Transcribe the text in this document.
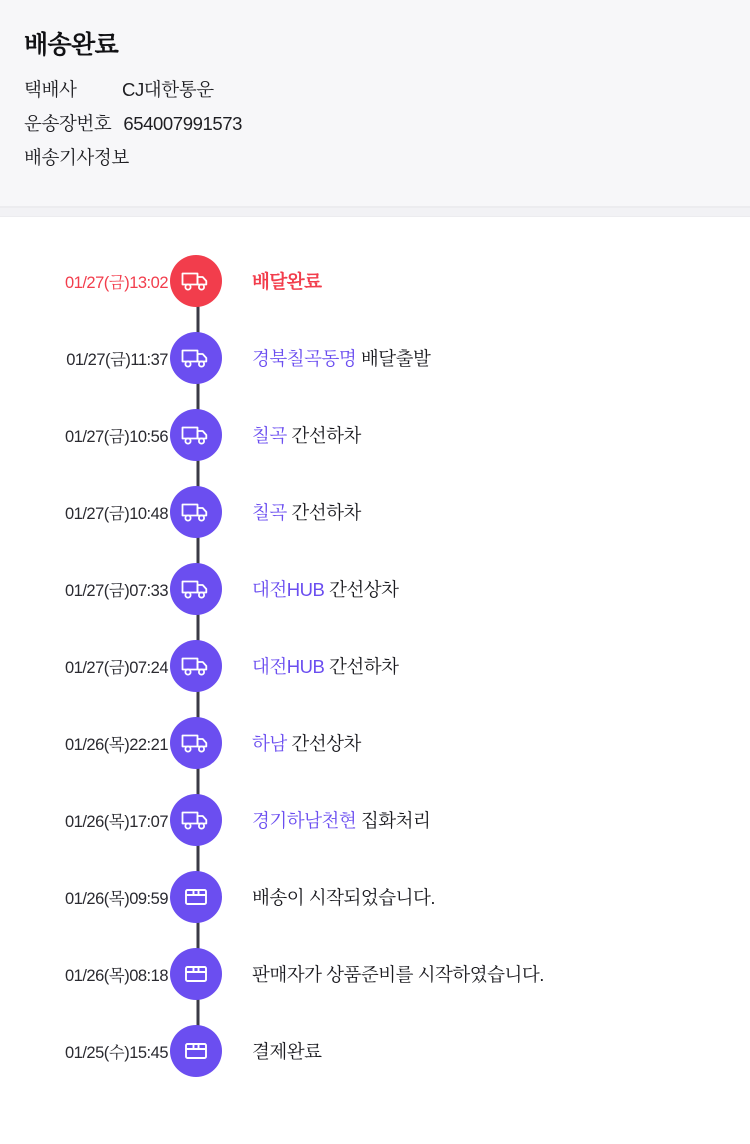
배송완료
택배사	CJ대한통운
운송장번호 654007991573
배송기사정보
01/27(금)13:02	배달완료
01/27(금)11:37	경북칠곡동명 배달출발
01/27(금)10:56	칠곡 간선하차
01/27(금)10:48	칠곡 간선하차
01/27(금)07:33	대전HUB 간선상차
01/27(금)07:24	대전HUB 간선하차
01/26(목)22:21	하남 간선상차
01/26(목)17:07	경기하남천현 집화처리
01/26(목)09:59	배송이 시작되었습니다.
01/26(목)08:18	판매자가 상품준비를 시작하였습니다.
01/25(수)15:45	결제완료
